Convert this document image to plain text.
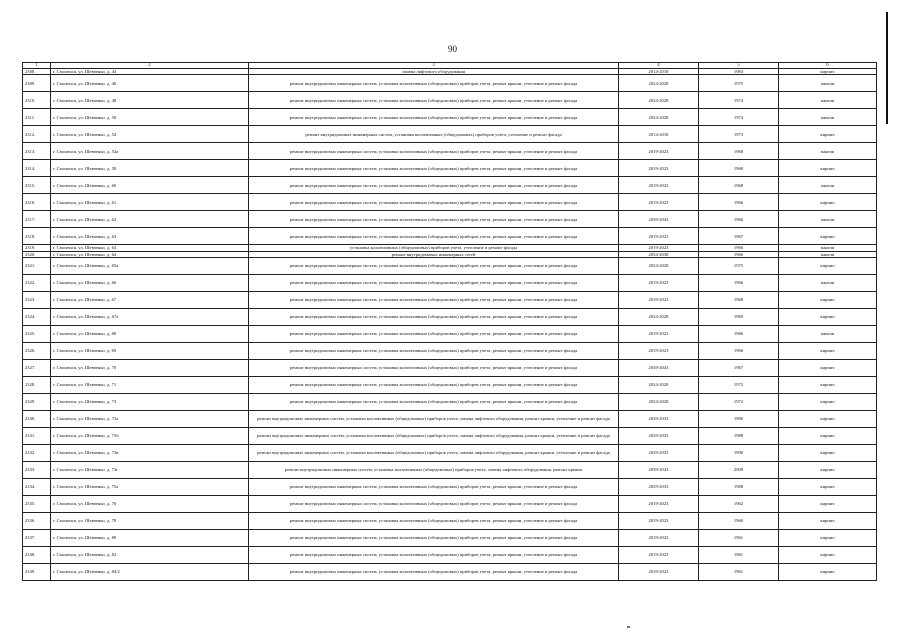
90
1	2	3	4	5	6
2308	г. Смоленск, ул. Шевченко, д. 44	замена лифтового оборудования	2014-2018	1984	кирпич
2309.	г. Смоленск, ул. Шевченко, д. 46	ремонт внутридомовых инженерных систем, установка коллективных (общедомовых) приборов учета, ремонт крыши, утепление и ремонт фасада	2024-2028	1975	панели
2310.	г. Смоленск, ул. Шевченко, д. 48	ремонт внутридомовых инженерных систем, установка коллективных (общедомовых) приборов учета, ремонт крыши, утепление и ремонт фасада	2024-2028	1974	панели
2311.	г. Смоленск, ул. Шевченко, д. 50	ремонт внутридомовых инженерных систем, установка коллективных (общедомовых) приборов учета, ремонт крыши, утепление и ремонт фасада	2024-2028	1974	панели
2312.	г. Смоленск, ул. Шевченко, д. 52	ремонт внутридомовых инженерных систем, установка коллективных (общедомовых) приборов учета, утепление и ремонт фасада	2014-2018	1973	кирпич
2313.	г. Смоленск, ул. Шевченко, д. 54а	ремонт внутридомовых инженерных систем, установка коллективных (общедомовых) приборов учета, ремонт крыши, утепление и ремонт фасада	2019-2023	1968	панели
2314.	г. Смоленск, ул. Шевченко, д. 58	ремонт внутридомовых инженерных систем, установка коллективных (общедомовых) приборов учета, ремонт крыши, утепление и ремонт фасада	2019-2023	1968	кирпич
2315.	г. Смоленск, ул. Шевченко, д. 60	ремонт внутридомовых инженерных систем, установка коллективных (общедомовых) приборов учета, ремонт крыши, утепление и ремонт фасада	2019-2023	1968	панели
2316.	г. Смоленск, ул. Шевченко, д. 61	ремонт внутридомовых инженерных систем, установка коллективных (общедомовых) приборов учета, ремонт крыши, утепление и ремонт фасада	2019-2023	1966	кирпич
2317.	г. Смоленск, ул. Шевченко, д. 62	ремонт внутридомовых инженерных систем, установка коллективных (общедомовых) приборов учета, ремонт крыши, утепление и ремонт фасада	2039-2043	1966	панели
2318.	г. Смоленск, ул. Шевченко, д. 63	ремонт внутридомовых инженерных систем, установка коллективных (общедомовых) приборов учета, ремонт крыши, утепление и ремонт фасада	2019-2023	1967	кирпич
2319.	г. Смоленск, ул. Шевченко, д. 64	установка коллективных (общедомовых) приборов учета, утепление и ремонт фасада	2019-2023	1966	панели
2320.	г. Смоленск, ул. Шевченко, д. 64	ремонт внутридомовых инженерных сетей	2034-2038	1966	панели
2321.	г. Смоленск, ул. Шевченко, д. 65а	ремонт внутридомовых инженерных систем, установка коллективных (общедомовых) приборов учета, ремонт крыши, утепление и ремонт фасада	2024-2028	1975	кирпич
2322.	г. Смоленск, ул. Шевченко, д. 66	ремонт внутридомовых инженерных систем, установка коллективных (общедомовых) приборов учета, ремонт крыши, утепление и ремонт фасада	2019-2023	1966	панели
2323.	г. Смоленск, ул. Шевченко, д. 67	ремонт внутридомовых инженерных систем, установка коллективных (общедомовых) приборов учета, ремонт крыши, утепление и ремонт фасада	2019-2023	1968	кирпич
2324.	г. Смоленск, ул. Шевченко, д. 67а	ремонт внутридомовых инженерных систем, установка коллективных (общедомовых) приборов учета, ремонт крыши, утепление и ремонт фасада	2024-2028	1969	кирпич
2325.	г. Смоленск, ул. Шевченко, д. 68	ремонт внутридомовых инженерных систем, установка коллективных (общедомовых) приборов учета, ремонт крыши, утепление и ремонт фасада	2019-2023	1966	панели
2326.	г. Смоленск, ул. Шевченко, д. 69	ремонт внутридомовых инженерных систем, установка коллективных (общедомовых) приборов учета, ремонт крыши, утепление и ремонт фасада	2019-2023	1966	кирпич
2327.	г. Смоленск, ул. Шевченко, д. 70	ремонт внутридомовых инженерных систем, установка коллективных (общедомовых) приборов учета, ремонт крыши, утепление и ремонт фасада	2039-2043	1967	кирпич
2328.	г. Смоленск, ул. Шевченко, д. 71	ремонт внутридомовых инженерных систем, установка коллективных (общедомовых) приборов учета, ремонт крыши, утепление и ремонт фасада	2024-2028	1972	кирпич
2329.	г. Смоленск, ул. Шевченко, д. 73	ремонт внутридомовых инженерных систем, установка коллективных (общедомовых) приборов учета, ремонт крыши, утепление и ремонт фасада	2024-2028	1972	кирпич
2330.	г. Смоленск, ул. Шевченко, д. 73а	ремонт внутридомовых инженерных систем, установка коллективных (общедомовых) приборов учета, замена лифтового оборудования, ремонт крыши, утепление и ремонт фасада	2029-2033	1990	кирпич
2331.	г. Смоленск, ул. Шевченко, д. 73б	ремонт внутридомовых инженерных систем, установка коллективных (общедомовых) приборов учета, замена лифтового оборудования, ремонт крыши, утепление и ремонт фасада	2029-2033	1988	кирпич
2332.	г. Смоленск, ул. Шевченко, д. 73в	ремонт внутридомовых инженерных систем, установка коллективных (общедомовых) приборов учета, замена лифтового оборудования, ремонт крыши, утепление и ремонт фасада	2029-2033	1990	кирпич
2333.	г. Смоленск, ул. Шевченко, д. 73г	ремонт внутридомовых инженерных систем, установка коллективных (общедомовых) приборов учета, замена лифтового оборудования, ремонт крыши	2039-2043	2008	кирпич
2334.	г. Смоленск, ул. Шевченко, д. 75а	ремонт внутридомовых инженерных систем, установка коллективных (общедомовых) приборов учета, ремонт крыши, утепление и ремонт фасада	2029-2033	1988	кирпич
2335.	г. Смоленск, ул. Шевченко, д. 76	ремонт внутридомовых инженерных систем, установка коллективных (общедомовых) приборов учета, ремонт крыши, утепление и ремонт фасада	2019-2023	1962	кирпич
2336.	г. Смоленск, ул. Шевченко, д. 78	ремонт внутридомовых инженерных систем, установка коллективных (общедомовых) приборов учета, ремонт крыши, утепление и ремонт фасада	2019-2023	1960	кирпич
2337.	г. Смоленск, ул. Шевченко, д. 80	ремонт внутридомовых инженерных систем, установка коллективных (общедомовых) приборов учета, ремонт крыши, утепление и ремонт фасада	2019-2023	1961	кирпич
2338.	г. Смоленск, ул. Шевченко, д. 82	ремонт внутридомовых инженерных систем, установка коллективных (общедомовых) приборов учета, ремонт крыши, утепление и ремонт фасада	2019-2023	1961	кирпич
2339.	г. Смоленск, ул. Шевченко, д. 84/2	ремонт внутридомовых инженерных систем, установка коллективных (общедомовых) приборов учета, ремонт крыши, утепление и ремонт фасада	2019-2023	1961	кирпич
